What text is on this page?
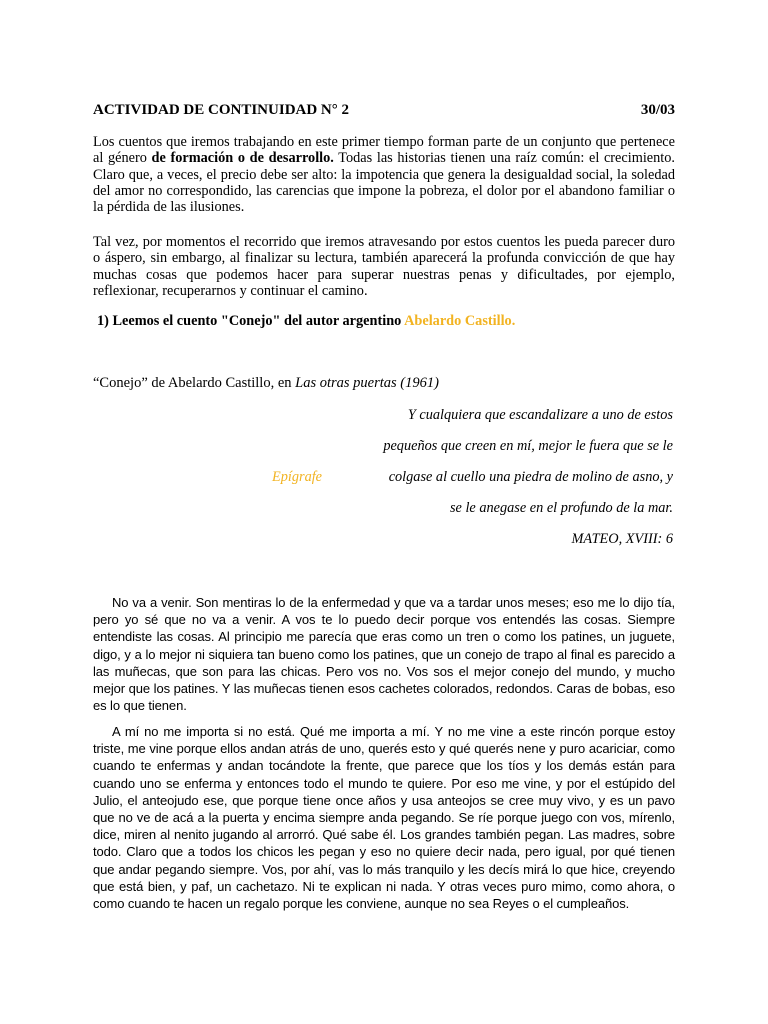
ACTIVIDAD DE CONTINUIDAD N° 2	30/03

Los cuentos que iremos trabajando en este primer tiempo forman parte de un conjunto que pertenece al género de formación o de desarrollo. Todas las historias tienen una raíz común: el crecimiento. Claro que, a veces, el precio debe ser alto: la impotencia que genera la desigualdad social, la soledad del amor no correspondido, las carencias que impone la pobreza, el dolor por el abandono familiar o la pérdida de las ilusiones.

Tal vez, por momentos el recorrido que iremos atravesando por estos cuentos les pueda parecer duro o áspero, sin embargo, al finalizar su lectura, también aparecerá la profunda convicción de que hay muchas cosas que podemos hacer para superar nuestras penas y dificultades, por ejemplo, reflexionar, recuperarnos y continuar el camino.

1) Leemos el cuento "Conejo" del autor argentino Abelardo Castillo.
“Conejo” de Abelardo Castillo, en Las otras puertas (1961)
Y cualquiera que escandalizare a uno de estos
pequeños que creen en mí, mejor le fuera que se le
Epígrafe	colgase al cuello una piedra de molino de asno, y
se le anegase en el profundo de la mar.
MATEO, XVIII: 6

No va a venir. Son mentiras lo de la enfermedad y que va a tardar unos meses; eso me lo dijo tía, pero yo sé que no va a venir. A vos te lo puedo decir porque vos entendés las cosas. Siempre entendiste las cosas. Al principio me parecía que eras como un tren o como los patines, un juguete, digo, y a lo mejor ni siquiera tan bueno como los patines, que un conejo de trapo al final es parecido a las muñecas, que son para las chicas. Pero vos no. Vos sos el mejor conejo del mundo, y mucho mejor que los patines. Y las muñecas tienen esos cachetes colorados, redondos. Caras de bobas, eso es lo que tienen.

A mí no me importa si no está. Qué me importa a mí. Y no me vine a este rincón porque estoy triste, me vine porque ellos andan atrás de uno, querés esto y qué querés nene y puro acariciar, como cuando te enfermas y andan tocándote la frente, que parece que los tíos y los demás están para cuando uno se enferma y entonces todo el mundo te quiere. Por eso me vine, y por el estúpido del Julio, el anteojudo ese, que porque tiene once años y usa anteojos se cree muy vivo, y es un pavo que no ve de acá a la puerta y encima siempre anda pegando. Se ríe porque juego con vos, mírenlo, dice, miren al nenito jugando al arrorró. Qué sabe él. Los grandes también pegan. Las madres, sobre todo. Claro que a todos los chicos les pegan y eso no quiere decir nada, pero igual, por qué tienen que andar pegando siempre. Vos, por ahí, vas lo más tranquilo y les decís mirá lo que hice, creyendo que está bien, y paf, un cachetazo. Ni te explican ni nada. Y otras veces puro mimo, como ahora, o como cuando te hacen un regalo porque les conviene, aunque no sea Reyes o el cumpleaños.
